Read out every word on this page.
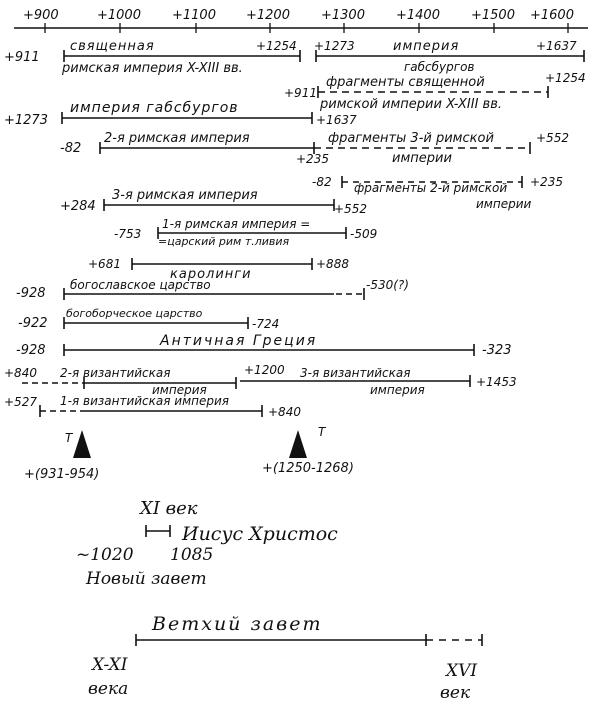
+900	+1000 +1100 +1200 +1300 +1400 +1500 +1600
+911
священная
римская империя X-XIII вв.
+1254 +1273	империя
габсбургов
+1637
+911
фрагменты священной
римской империи X-XIII вв.
+1254
+1273
империя габсбургов
+1637
-82
2-я римская империя
+235
фрагменты 3-й римской
империи
+552
-82 фрагменты 2-й римской
империи
+235
+284
3-я римская империя
+552
-753
1-я римская империя =
=царский рим т.ливия
-509
+681
каролинги
+888
-928
богославское царство	-530(?)
-922
богоборческое царство
-724
-928
Античная Греция
-323
+840 2-я византийская
империя
+1200 3-я византийская
империя
+1453
+527 1-я византийская империя
+840
Т
+(931-954)
Т
+(1250-1268)
XI век
Иисус Христос
~1020 1085
Новый завет
Ветхий завет
X-XI
века
XVI
век
